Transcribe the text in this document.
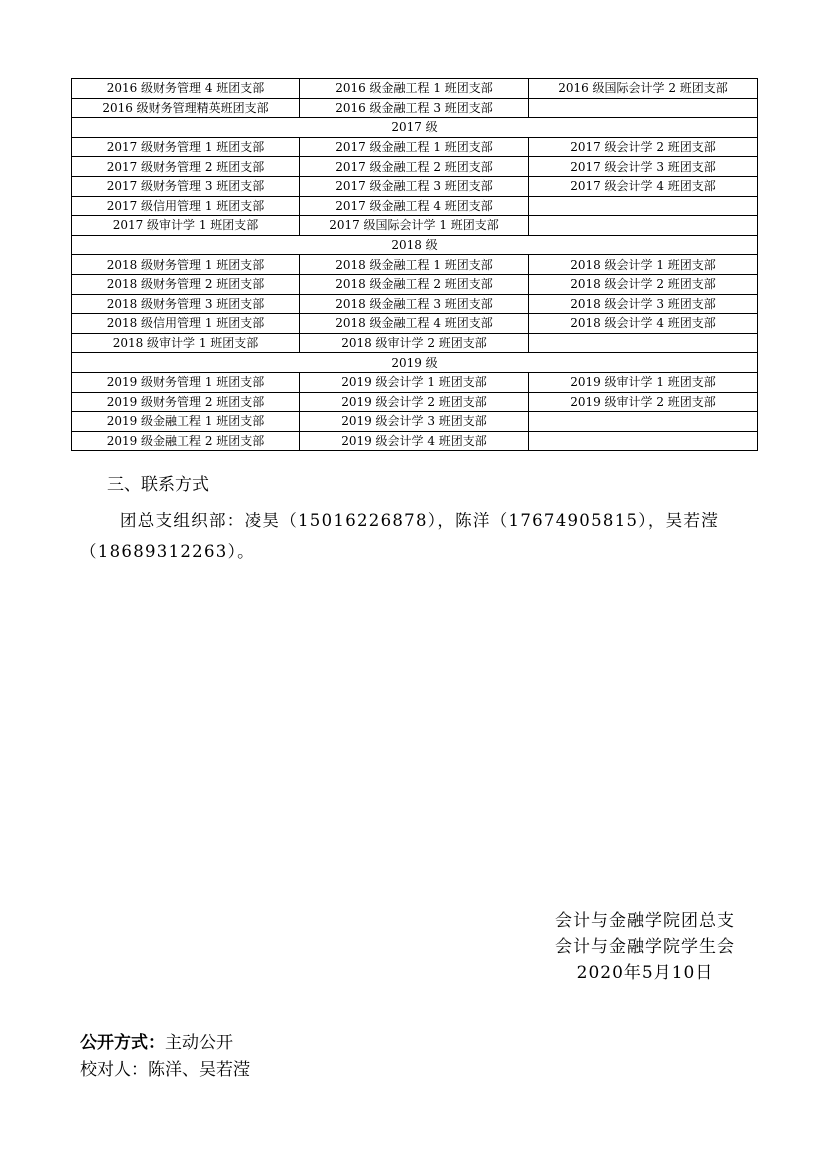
2016 级财务管理 4 班团支部	2016 级金融工程 1 班团支部	2016 级国际会计学 2 班团支部
2016 级财务管理精英班团支部	2016 级金融工程 3 班团支部	
2017 级		
2017 级财务管理 1 班团支部	2017 级金融工程 1 班团支部	2017 级会计学 2 班团支部
2017 级财务管理 2 班团支部	2017 级金融工程 2 班团支部	2017 级会计学 3 班团支部
2017 级财务管理 3 班团支部	2017 级金融工程 3 班团支部	2017 级会计学 4 班团支部
2017 级信用管理 1 班团支部	2017 级金融工程 4 班团支部	
2017 级审计学 1 班团支部	2017 级国际会计学 1 班团支部	
2018 级		
2018 级财务管理 1 班团支部	2018 级金融工程 1 班团支部	2018 级会计学 1 班团支部
2018 级财务管理 2 班团支部	2018 级金融工程 2 班团支部	2018 级会计学 2 班团支部
2018 级财务管理 3 班团支部	2018 级金融工程 3 班团支部	2018 级会计学 3 班团支部
2018 级信用管理 1 班团支部	2018 级金融工程 4 班团支部	2018 级会计学 4 班团支部
2018 级审计学 1 班团支部	2018 级审计学 2 班团支部	
2019 级		
2019 级财务管理 1 班团支部	2019 级会计学 1 班团支部	2019 级审计学 1 班团支部
2019 级财务管理 2 班团支部	2019 级会计学 2 班团支部	2019 级审计学 2 班团支部
2019 级金融工程 1 班团支部	2019 级会计学 3 班团支部	
2019 级金融工程 2 班团支部	2019 级会计学 4 班团支部	
三、联系方式
团总支组织部：凌昊（15016226878），陈洋（17674905815），吴若滢（18689312263）。
会计与金融学院团总支
会计与金融学院学生会
2020年5月10日
公开方式：主动公开
校对人：陈洋、吴若滢
